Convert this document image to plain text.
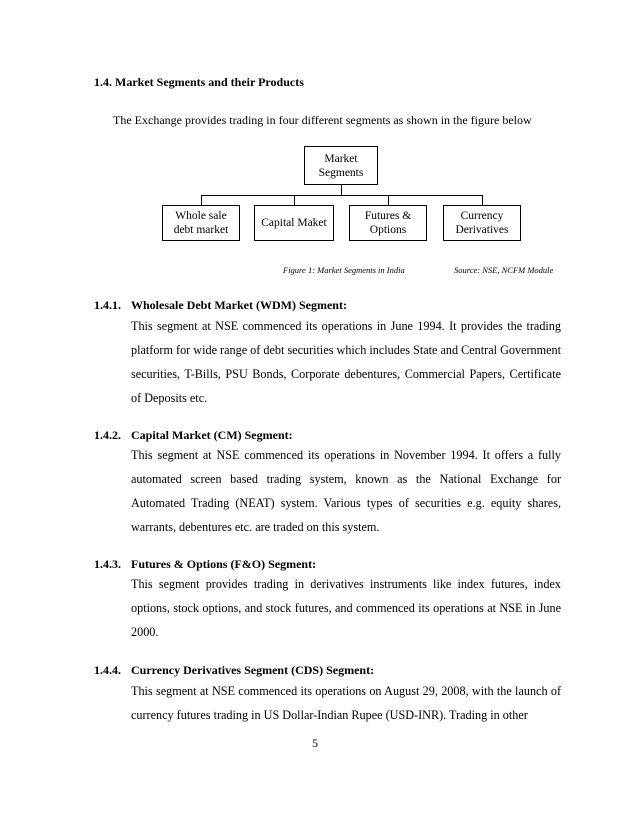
1.4. Market Segments and their Products
The Exchange provides trading in four different segments as shown in the figure below
Market
Segments
Whole sale
debt market
Capital Maket
Futures &
Options
Currency
Derivatives
Figure 1: Market Segments in India	Source: NSE, NCFM Module
1.4.1. Wholesale Debt Market (WDM) Segment:

This segment at NSE commenced its operations in June 1994. It provides the trading platform for wide range of debt securities which includes State and Central Government securities, T-Bills, PSU Bonds, Corporate debentures, Commercial Papers, Certificate of Deposits etc.

1.4.2. Capital Market (CM) Segment:

This segment at NSE commenced its operations in November 1994. It offers a fully automated screen based trading system, known as the National Exchange for Automated Trading (NEAT) system. Various types of securities e.g. equity shares, warrants, debentures etc. are traded on this system.

1.4.3. Futures & Options (F&O) Segment:

This segment provides trading in derivatives instruments like index futures, index options, stock options, and stock futures, and commenced its operations at NSE in June 2000.

1.4.4. Currency Derivatives Segment (CDS) Segment:

This segment at NSE commenced its operations on August 29, 2008, with the launch of currency futures trading in US Dollar-Indian Rupee (USD-INR). Trading in other

5
